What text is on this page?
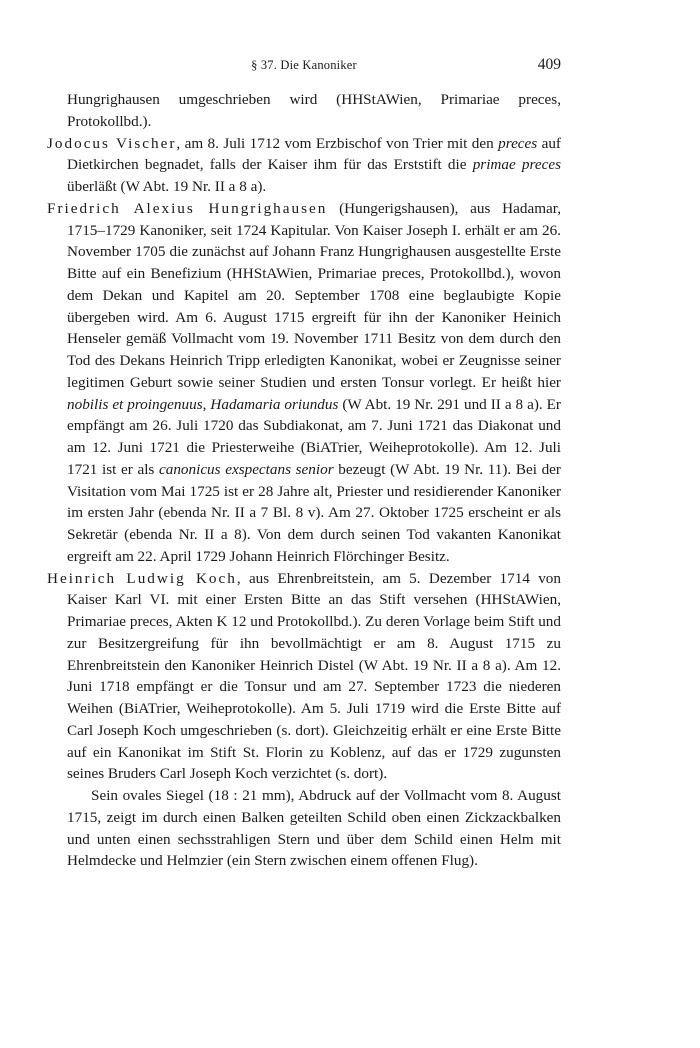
§ 37. Die Kanoniker	409

Hungrighausen umgeschrieben wird (HHStAWien, Primariae preces, Protokollbd.).

Jodocus Vischer, am 8. Juli 1712 vom Erzbischof von Trier mit den preces auf Dietkirchen begnadet, falls der Kaiser ihm für das Erststift die primae preces überläßt (W Abt. 19 Nr. II a 8 a).

Friedrich Alexius Hungrighausen (Hungerigshausen), aus Hadamar, 1715–1729 Kanoniker, seit 1724 Kapitular. Von Kaiser Joseph I. erhält er am 26. November 1705 die zunächst auf Johann Franz Hungrighausen ausgestellte Erste Bitte auf ein Benefizium (HHStAWien, Primariae preces, Protokollbd.), wovon dem Dekan und Kapitel am 20. September 1708 eine beglaubigte Kopie übergeben wird. Am 6. August 1715 ergreift für ihn der Kanoniker Heinich Henseler gemäß Vollmacht vom 19. November 1711 Besitz von dem durch den Tod des Dekans Heinrich Tripp erledigten Kanonikat, wobei er Zeugnisse seiner legitimen Geburt sowie seiner Studien und ersten Tonsur vorlegt. Er heißt hier nobilis et proingenuus, Hadamaria oriundus (W Abt. 19 Nr. 291 und II a 8 a). Er empfängt am 26. Juli 1720 das Subdiakonat, am 7. Juni 1721 das Diakonat und am 12. Juni 1721 die Priesterweihe (BiATrier, Weiheprotokolle). Am 12. Juli 1721 ist er als canonicus exspectans senior bezeugt (W Abt. 19 Nr. 11). Bei der Visitation vom Mai 1725 ist er 28 Jahre alt, Priester und residierender Kanoniker im ersten Jahr (ebenda Nr. II a 7 Bl. 8 v). Am 27. Oktober 1725 erscheint er als Sekretär (ebenda Nr. II a 8). Von dem durch seinen Tod vakanten Kanonikat ergreift am 22. April 1729 Johann Heinrich Flörchinger Besitz.

Heinrich Ludwig Koch, aus Ehrenbreitstein, am 5. Dezember 1714 von Kaiser Karl VI. mit einer Ersten Bitte an das Stift versehen (HHStAWien, Primariae preces, Akten K 12 und Protokollbd.). Zu deren Vorlage beim Stift und zur Besitzergreifung für ihn bevollmächtigt er am 8. August 1715 zu Ehrenbreitstein den Kanoniker Heinrich Distel (W Abt. 19 Nr. II a 8 a). Am 12. Juni 1718 empfängt er die Tonsur und am 27. September 1723 die niederen Weihen (BiATrier, Weiheprotokolle). Am 5. Juli 1719 wird die Erste Bitte auf Carl Joseph Koch umgeschrieben (s. dort). Gleichzeitig erhält er eine Erste Bitte auf ein Kanonikat im Stift St. Florin zu Koblenz, auf das er 1729 zugunsten seines Bruders Carl Joseph Koch verzichtet (s. dort).

Sein ovales Siegel (18 : 21 mm), Abdruck auf der Vollmacht vom 8. August 1715, zeigt im durch einen Balken geteilten Schild oben einen Zickzackbalken und unten einen sechsstrahligen Stern und über dem Schild einen Helm mit Helmdecke und Helmzier (ein Stern zwischen einem offenen Flug).
